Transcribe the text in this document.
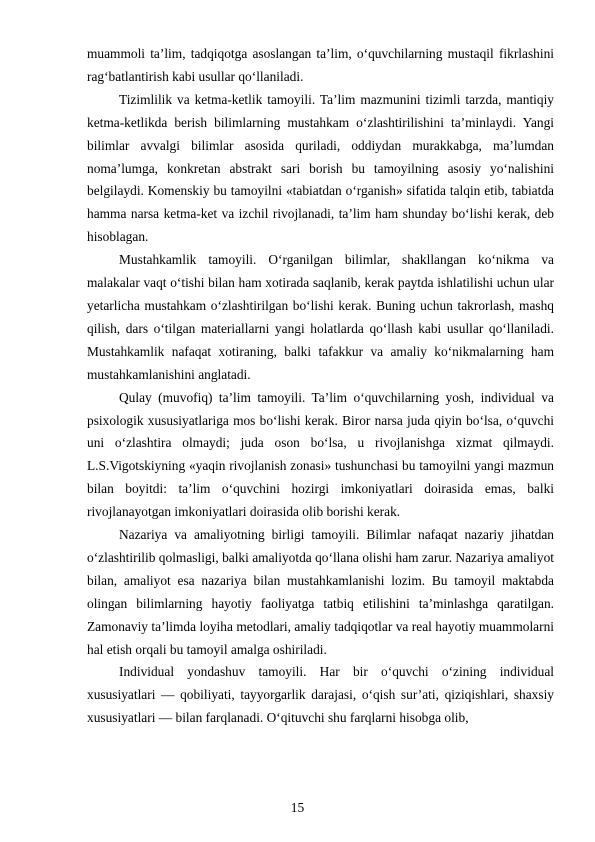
muammoli ta’lim, tadqiqotga asoslangan ta’lim, o‘quvchilarning mustaqil fikrlashini rag‘batlantirish kabi usullar qo‘llaniladi.

Tizimlilik va ketma-ketlik tamoyili. Ta’lim mazmunini tizimli tarzda, mantiqiy ketma-ketlikda berish bilimlarning mustahkam o‘zlashtirilishini ta’minlaydi. Yangi bilimlar avvalgi bilimlar asosida quriladi, oddiydan murakkabga, ma’lumdan noma’lumga, konkretan abstrakt sari borish bu tamoyilning asosiy yo‘nalishini belgilaydi. Komenskiy bu tamoyilni «tabiatdan o‘rganish» sifatida talqin etib, tabiatda hamma narsa ketma-ket va izchil rivojlanadi, ta’lim ham shunday bo‘lishi kerak, deb hisoblagan.

Mustahkamlik tamoyili. O‘rganilgan bilimlar, shakllangan ko‘nikma va malakalar vaqt o‘tishi bilan ham xotirada saqlanib, kerak paytda ishlatilishi uchun ular yetarlicha mustahkam o‘zlashtirilgan bo‘lishi kerak. Buning uchun takrorlash, mashq qilish, dars o‘tilgan materiallarni yangi holatlarda qo‘llash kabi usullar qo‘llaniladi. Mustahkamlik nafaqat xotiraning, balki tafakkur va amaliy ko‘nikmalarning ham mustahkamlanishini anglatadi.

Qulay (muvofiq) ta’lim tamoyili. Ta’lim o‘quvchilarning yosh, individual va psixologik xususiyatlariga mos bo‘lishi kerak. Biror narsa juda qiyin bo‘lsa, o‘quvchi uni o‘zlashtira olmaydi; juda oson bo‘lsa, u rivojlanishga xizmat qilmaydi. L.S.Vigotskiyning «yaqin rivojlanish zonasi» tushunchasi bu tamoyilni yangi mazmun bilan boyitdi: ta’lim o‘quvchini hozirgi imkoniyatlari doirasida emas, balki rivojlanayotgan imkoniyatlari doirasida olib borishi kerak.

Nazariya va amaliyotning birligi tamoyili. Bilimlar nafaqat nazariy jihatdan o‘zlashtirilib qolmasligi, balki amaliyotda qo‘llana olishi ham zarur. Nazariya amaliyot bilan, amaliyot esa nazariya bilan mustahkamlanishi lozim. Bu tamoyil maktabda olingan bilimlarning hayotiy faoliyatga tatbiq etilishini ta’minlashga qaratilgan. Zamonaviy ta’limda loyiha metodlari, amaliy tadqiqotlar va real hayotiy muammolarni hal etish orqali bu tamoyil amalga oshiriladi.

Individual yondashuv tamoyili. Har bir o‘quvchi o‘zining individual xususiyatlari — qobiliyati, tayyorgarlik darajasi, o‘qish sur’ati, qiziqishlari, shaxsiy xususiyatlari — bilan farqlanadi. O‘qituvchi shu farqlarni hisobga olib,

15
